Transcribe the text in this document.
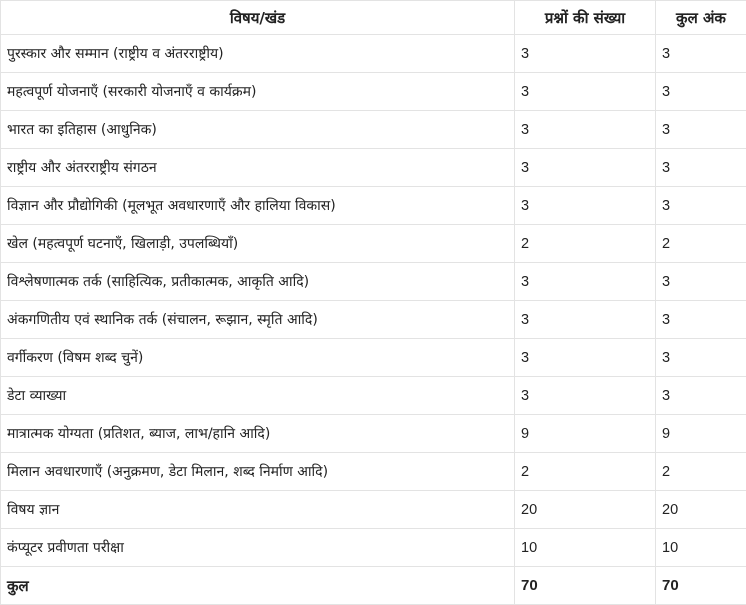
विषय/खंड	प्रश्नों की संख्या	कुल अंक
पुरस्कार और सम्मान (राष्ट्रीय व अंतरराष्ट्रीय)	3	3
महत्वपूर्ण योजनाएँ (सरकारी योजनाएँ व कार्यक्रम)	3	3
भारत का इतिहास (आधुनिक)	3	3
राष्ट्रीय और अंतरराष्ट्रीय संगठन	3	3
विज्ञान और प्रौद्योगिकी (मूलभूत अवधारणाएँ और हालिया विकास)	3	3
खेल (महत्वपूर्ण घटनाएँ, खिलाड़ी, उपलब्धियाँ)	2	2
विश्लेषणात्मक तर्क (साहित्यिक, प्रतीकात्मक, आकृति आदि)	3	3
अंकगणितीय एवं स्थानिक तर्क (संचालन, रूझान, स्मृति आदि)	3	3
वर्गीकरण (विषम शब्द चुनें)	3	3
डेटा व्याख्या	3	3
मात्रात्मक योग्यता (प्रतिशत, ब्याज, लाभ/हानि आदि)	9	9
मिलान अवधारणाएँ (अनुक्रमण, डेटा मिलान, शब्द निर्माण आदि)	2	2
विषय ज्ञान	20	20
कंप्यूटर प्रवीणता परीक्षा	10	10
कुल	70	70
